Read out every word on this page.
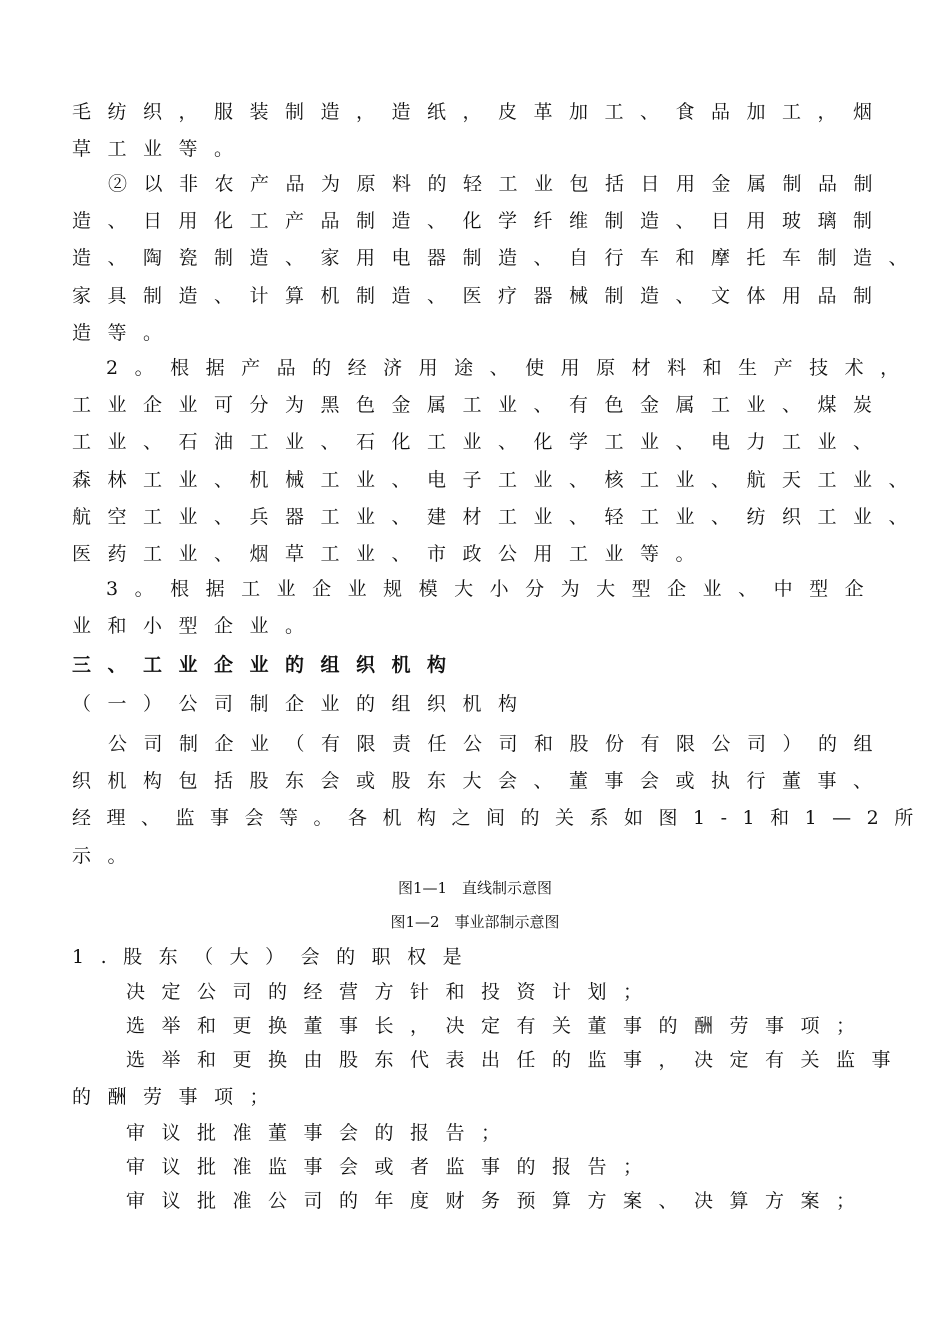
毛纺织，服装制造，造纸，皮革加工、食品加工，烟
草工业等。
②以非农产品为原料的轻工业包括日用金属制品制
造、日用化工产品制造、化学纤维制造、日用玻璃制
造、陶瓷制造、家用电器制造、自行车和摩托车制造、
家具制造、计算机制造、医疗器械制造、文体用品制
造等。
2。根据产品的经济用途、使用原材料和生产技术，
工业企业可分为黑色金属工业、有色金属工业、煤炭
工业、石油工业、石化工业、化学工业、电力工业、
森林工业、机械工业、电子工业、核工业、航天工业、
航空工业、兵器工业、建材工业、轻工业、纺织工业、
医药工业、烟草工业、市政公用工业等。
3。根据工业企业规模大小分为大型企业、中型企
业和小型企业。
三、工业企业的组织机构
（一）公司制企业的组织机构
公司制企业（有限责任公司和股份有限公司）的组
织机构包括股东会或股东大会、董事会或执行董事、
经理、监事会等。各机构之间的关系如图1-1和1—2所
示。
图1—1　直线制示意图
图1—2　事业部制示意图
1.股东（大）会的职权是
决定公司的经营方针和投资计划；
选举和更换董事长，决定有关董事的酬劳事项；
选举和更换由股东代表出任的监事，决定有关监事
的酬劳事项；
审议批准董事会的报告；
审议批准监事会或者监事的报告；
审议批准公司的年度财务预算方案、决算方案；
